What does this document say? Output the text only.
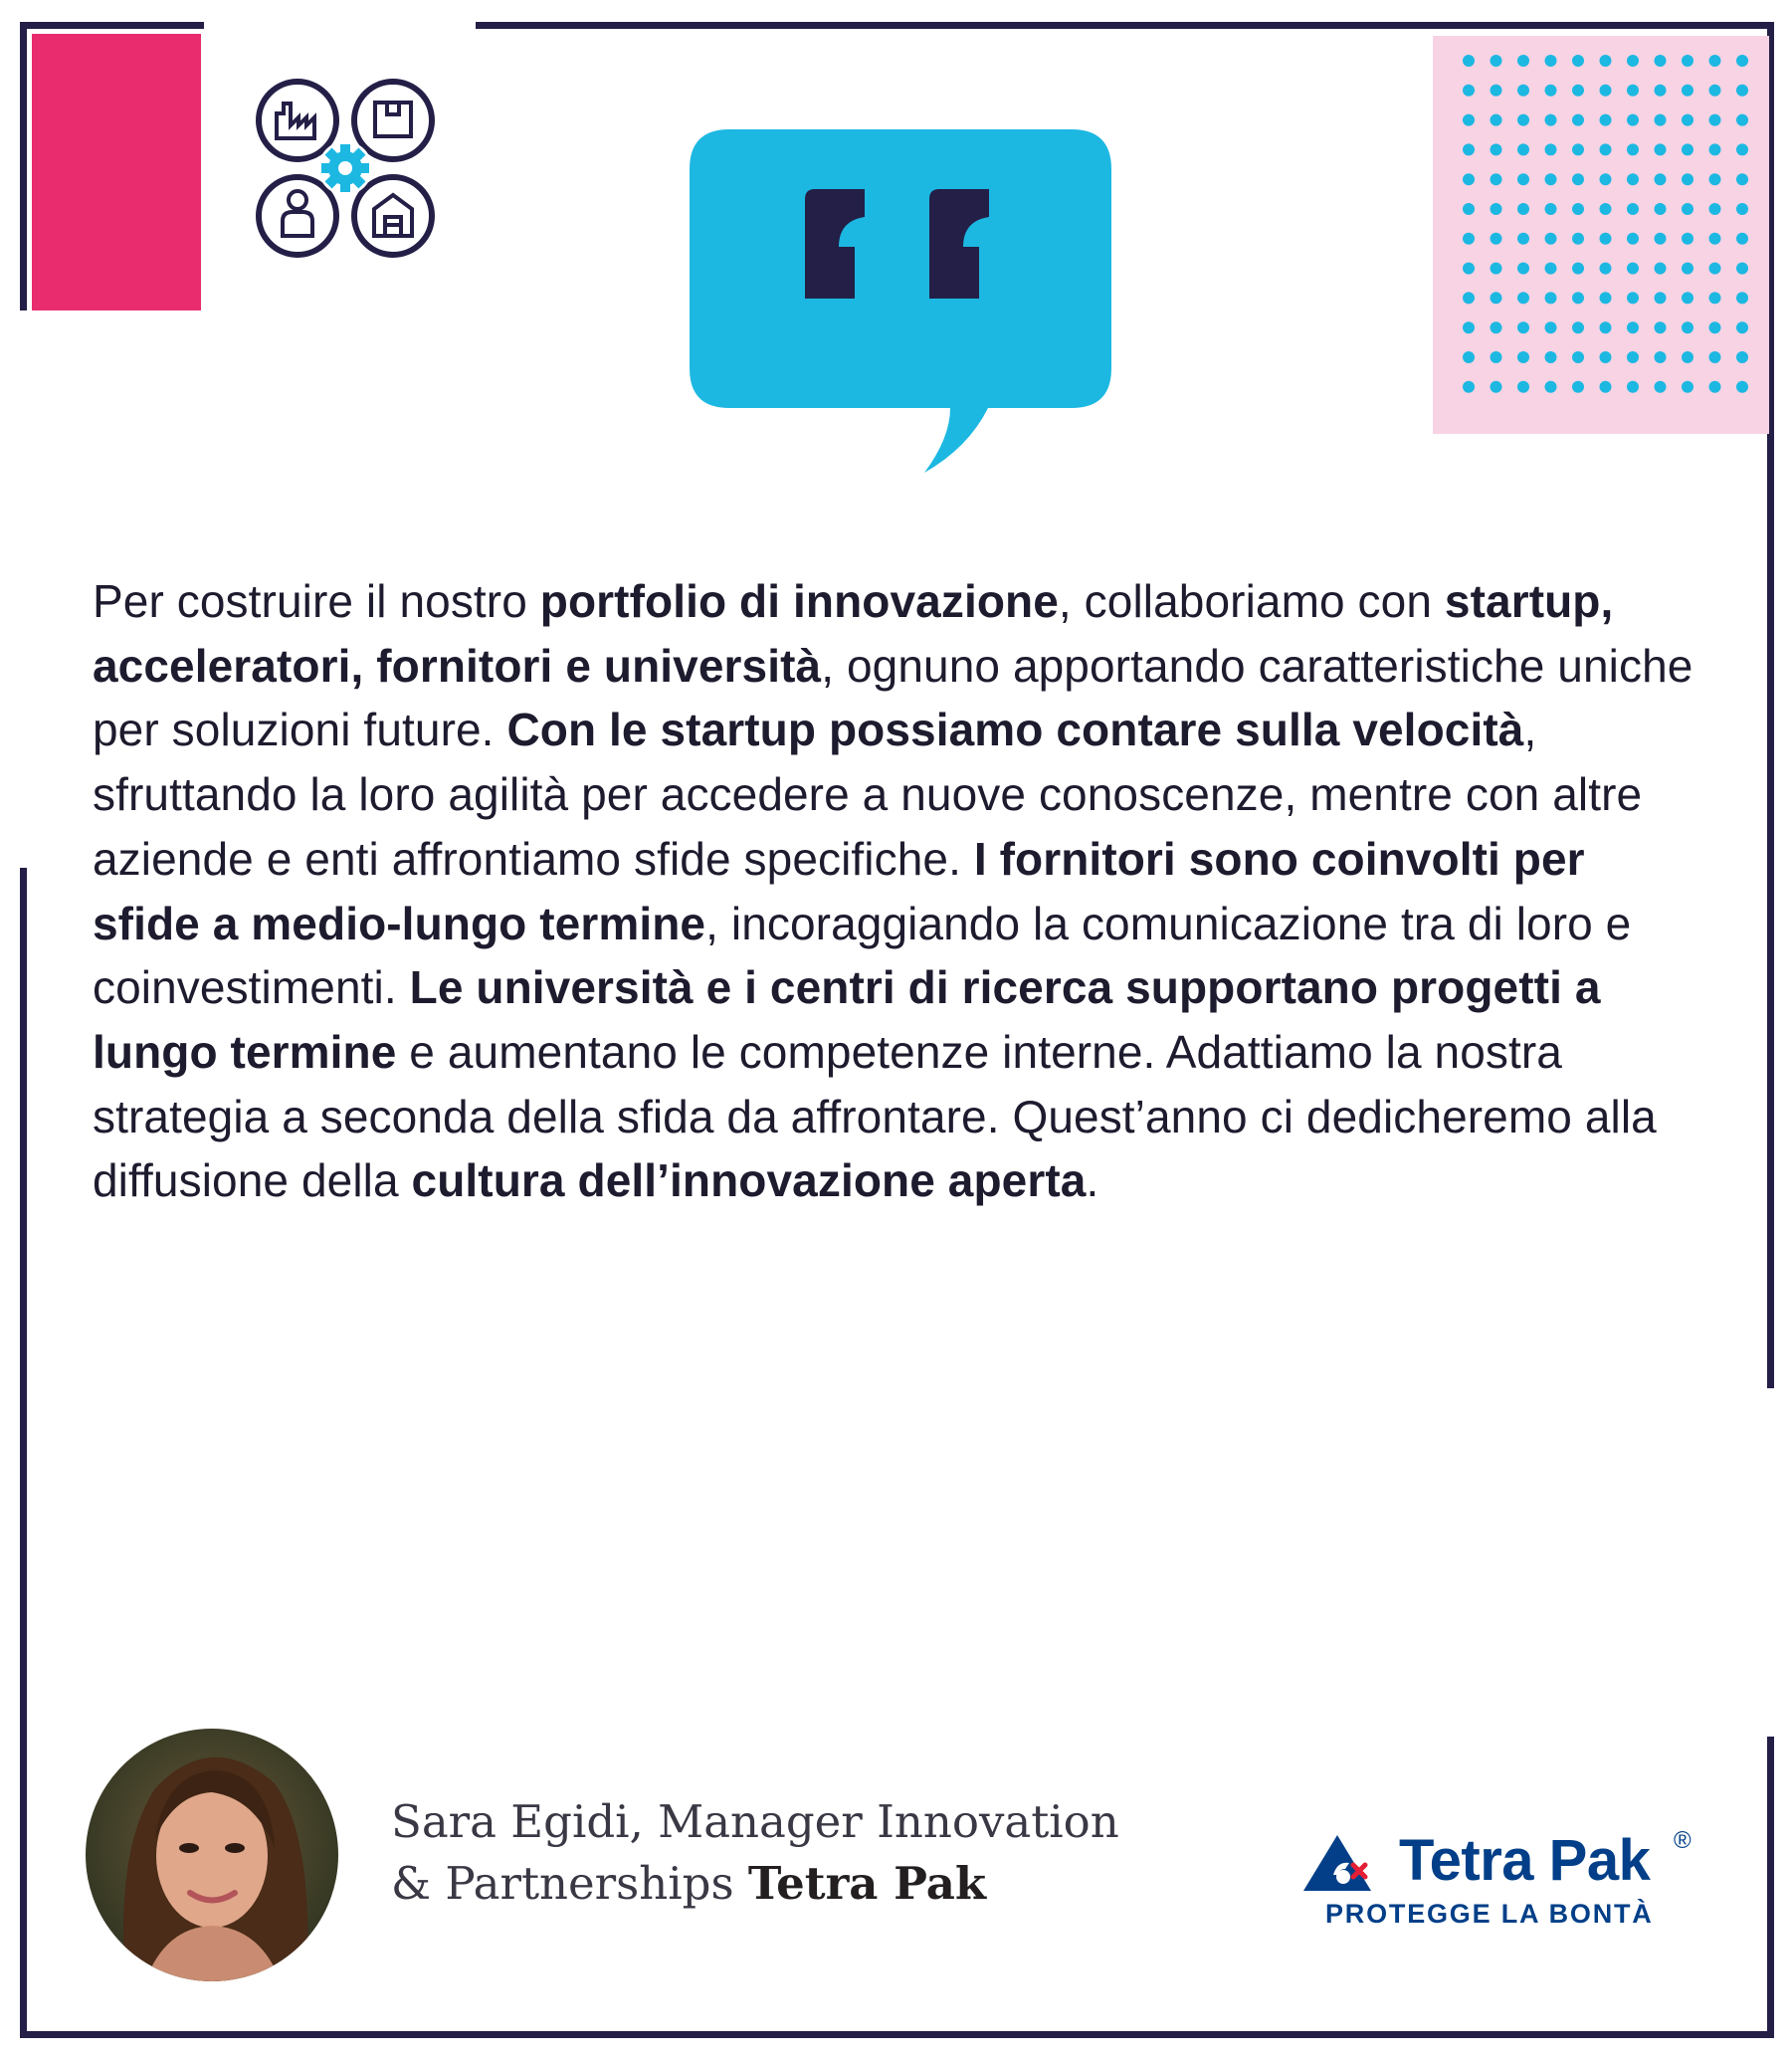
Per costruire il nostro portfolio di innovazione, collaboriamo con startup, acceleratori, fornitori e università, ognuno apportando caratteristiche uniche per soluzioni future. Con le startup possiamo contare sulla velocità, sfruttando la loro agilità per accedere a nuove conoscenze, mentre con altre aziende e enti affrontiamo sfide specifiche. I fornitori sono coinvolti per sfide a medio-lungo termine, incoraggiando la comunicazione tra di loro e coinvestimenti. Le università e i centri di ricerca supportano progetti a lungo termine e aumentano le competenze interne. Adattiamo la nostra strategia a seconda della sfida da affrontare. Quest’anno ci dedicheremo alla diffusione della cultura dell’innovazione aperta.

Sara Egidi, Manager Innovation
& Partnerships Tetra Pak	Tetra Pak ®
PROTEGGE LA BONTÀ
